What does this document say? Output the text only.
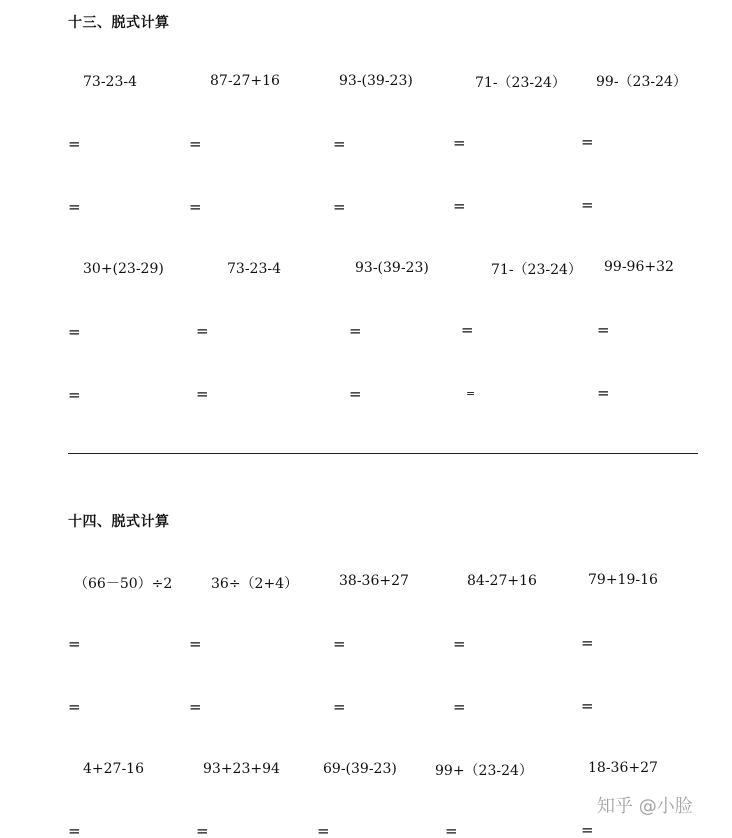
十三、脱式计算
73-23-4	87-27+16	93-(39-23)	71-（23-24） 99-（23-24）
=	=	=	=	=
=	=	=	=	=
30+(23-29)	73-23-4	93-(39-23)	71-（23-24） 99-96+32
=	=	=	=	=
=	=	=	=	=
十四、脱式计算
（66－50）÷2	36÷（2+4）	38-36+27	84-27+16	79+19-16
=	=	=	=	=
=	=	=	=	=
4+27-16	93+23+94	69-(39-23)	99+（23-24）	18-36+27
=	=	=	=	=
知乎 @小脸
